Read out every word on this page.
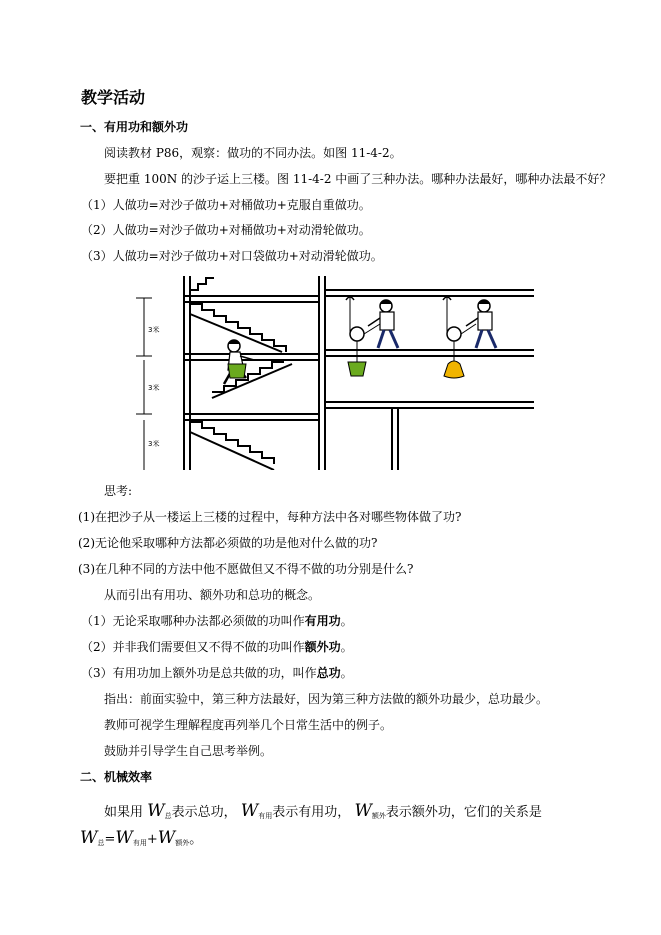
教学活动
一、有用功和额外功
阅读教材 P86，观察：做功的不同办法。如图 11-4-2。
要把重 100N 的沙子运上三楼。图 11-4-2 中画了三种办法。哪种办法最好，哪种办法最不好？
（1）人做功=对沙子做功+对桶做功+克服自重做功。
（2）人做功=对沙子做功+对桶做功+对动滑轮做功。
（3）人做功=对沙子做功+对口袋做功+对动滑轮做功。
3米
3米
3米
思考:
(1)在把沙子从一楼运上三楼的过程中，每种方法中各对哪些物体做了功?
(2)无论他采取哪种方法都必须做的功是他对什么做的功?
(3)在几种不同的方法中他不愿做但又不得不做的功分别是什么?
从而引出有用功、额外功和总功的概念。
（1）无论采取哪种办法都必须做的功叫作有用功。
（2）并非我们需要但又不得不做的功叫作额外功。
（3）有用功加上额外功是总共做的功，叫作总功。
指出：前面实验中，第三种方法最好，因为第三种方法做的额外功最少，总功最少。
教师可视学生理解程度再列举几个日常生活中的例子。
鼓励并引导学生自己思考举例。
二、机械效率
如果用 $W_总$表示总功， $W_{有用}$表示有用功， $W_{额外}$表示额外功，它们的关系是
$W_总=W_{有用}+W_{额外}$。
